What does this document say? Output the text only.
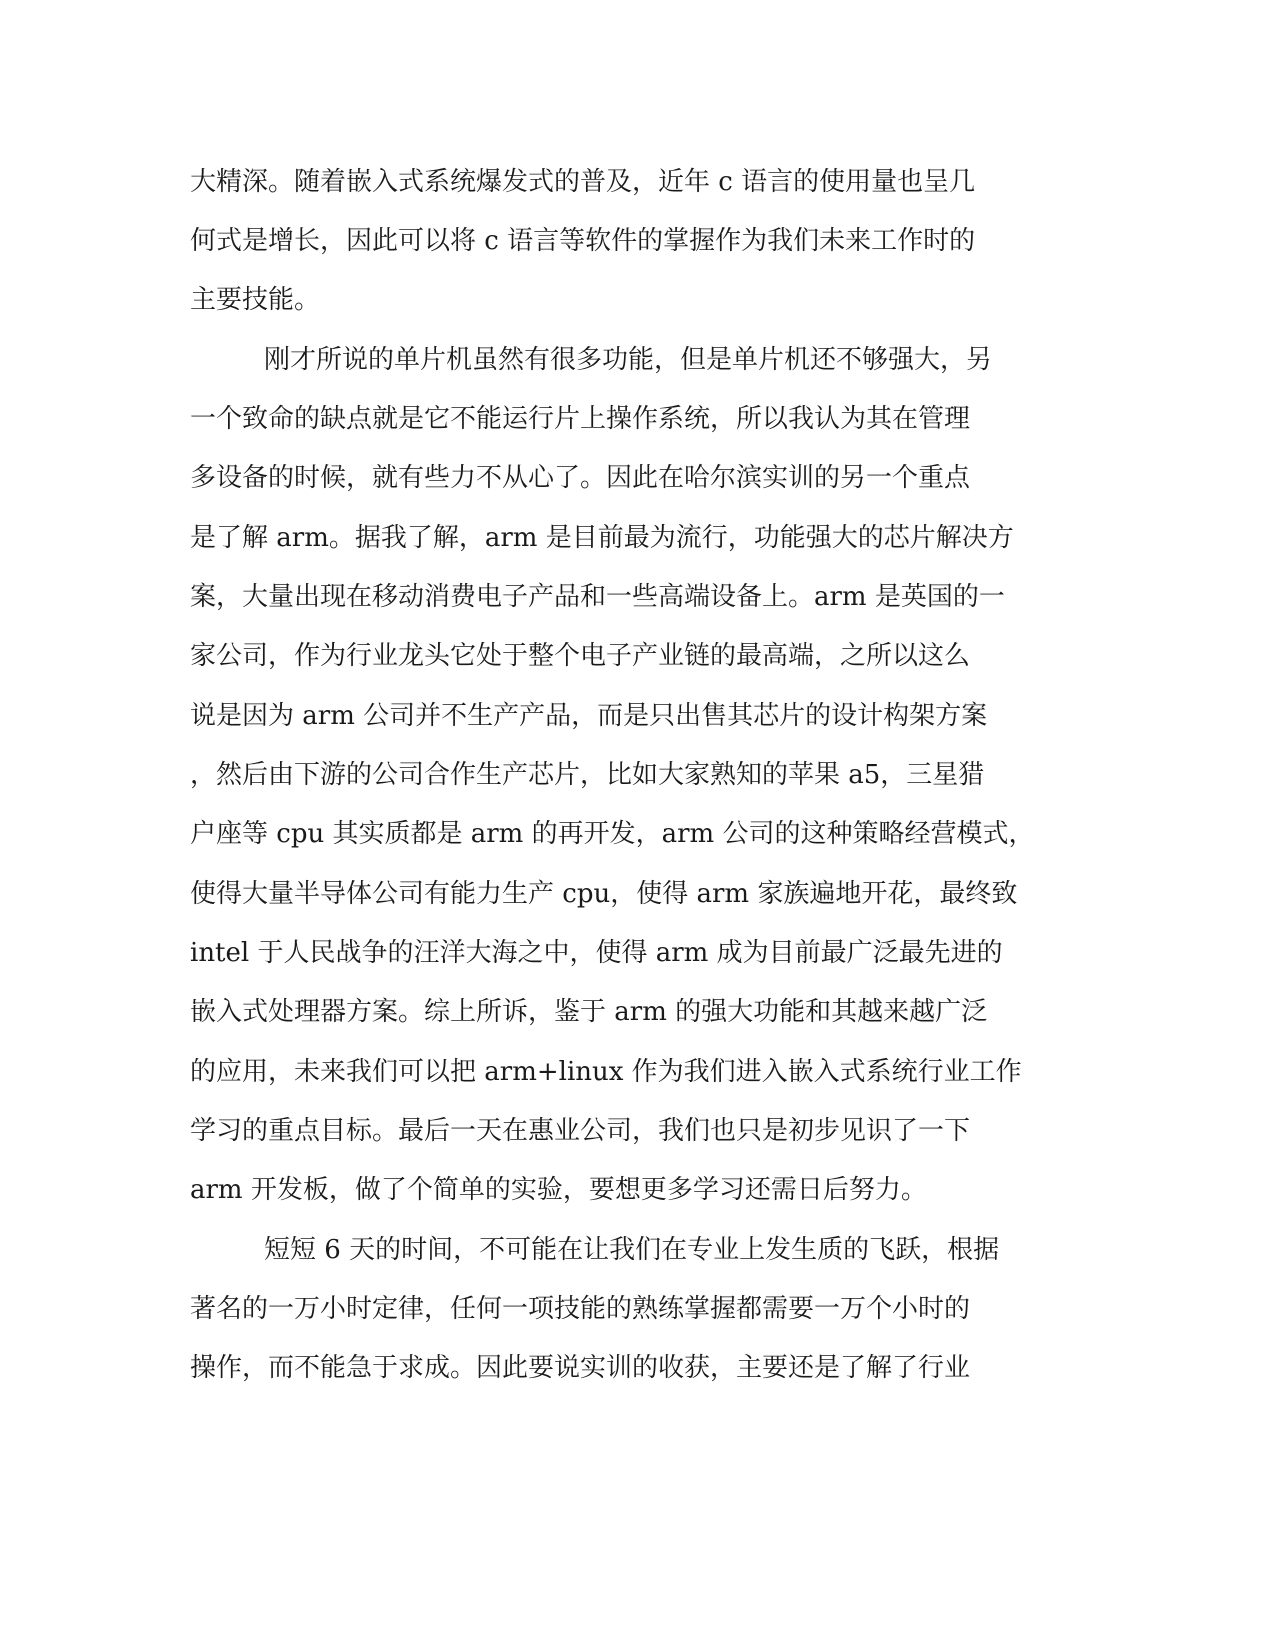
大精深。随着嵌入式系统爆发式的普及，近年 c 语言的使用量也呈几
何式是增长，因此可以将 c 语言等软件的掌握作为我们未来工作时的
主要技能。
刚才所说的单片机虽然有很多功能，但是单片机还不够强大，另
一个致命的缺点就是它不能运行片上操作系统，所以我认为其在管理
多设备的时候，就有些力不从心了。因此在哈尔滨实训的另一个重点
是了解 arm。据我了解，arm 是目前最为流行，功能强大的芯片解决方
案，大量出现在移动消费电子产品和一些高端设备上。arm 是英国的一
家公司，作为行业龙头它处于整个电子产业链的最高端，之所以这么
说是因为 arm 公司并不生产产品，而是只出售其芯片的设计构架方案
，然后由下游的公司合作生产芯片，比如大家熟知的苹果 a5，三星猎
户座等 cpu 其实质都是 arm 的再开发，arm 公司的这种策略经营模式，
使得大量半导体公司有能力生产 cpu，使得 arm 家族遍地开花，最终致
intel 于人民战争的汪洋大海之中，使得 arm 成为目前最广泛最先进的
嵌入式处理器方案。综上所诉，鉴于 arm 的强大功能和其越来越广泛
的应用，未来我们可以把 arm+linux 作为我们进入嵌入式系统行业工作
学习的重点目标。最后一天在惠业公司，我们也只是初步见识了一下
arm 开发板，做了个简单的实验，要想更多学习还需日后努力。
短短 6 天的时间，不可能在让我们在专业上发生质的飞跃，根据
著名的一万小时定律，任何一项技能的熟练掌握都需要一万个小时的
操作，而不能急于求成。因此要说实训的收获，主要还是了解了行业
